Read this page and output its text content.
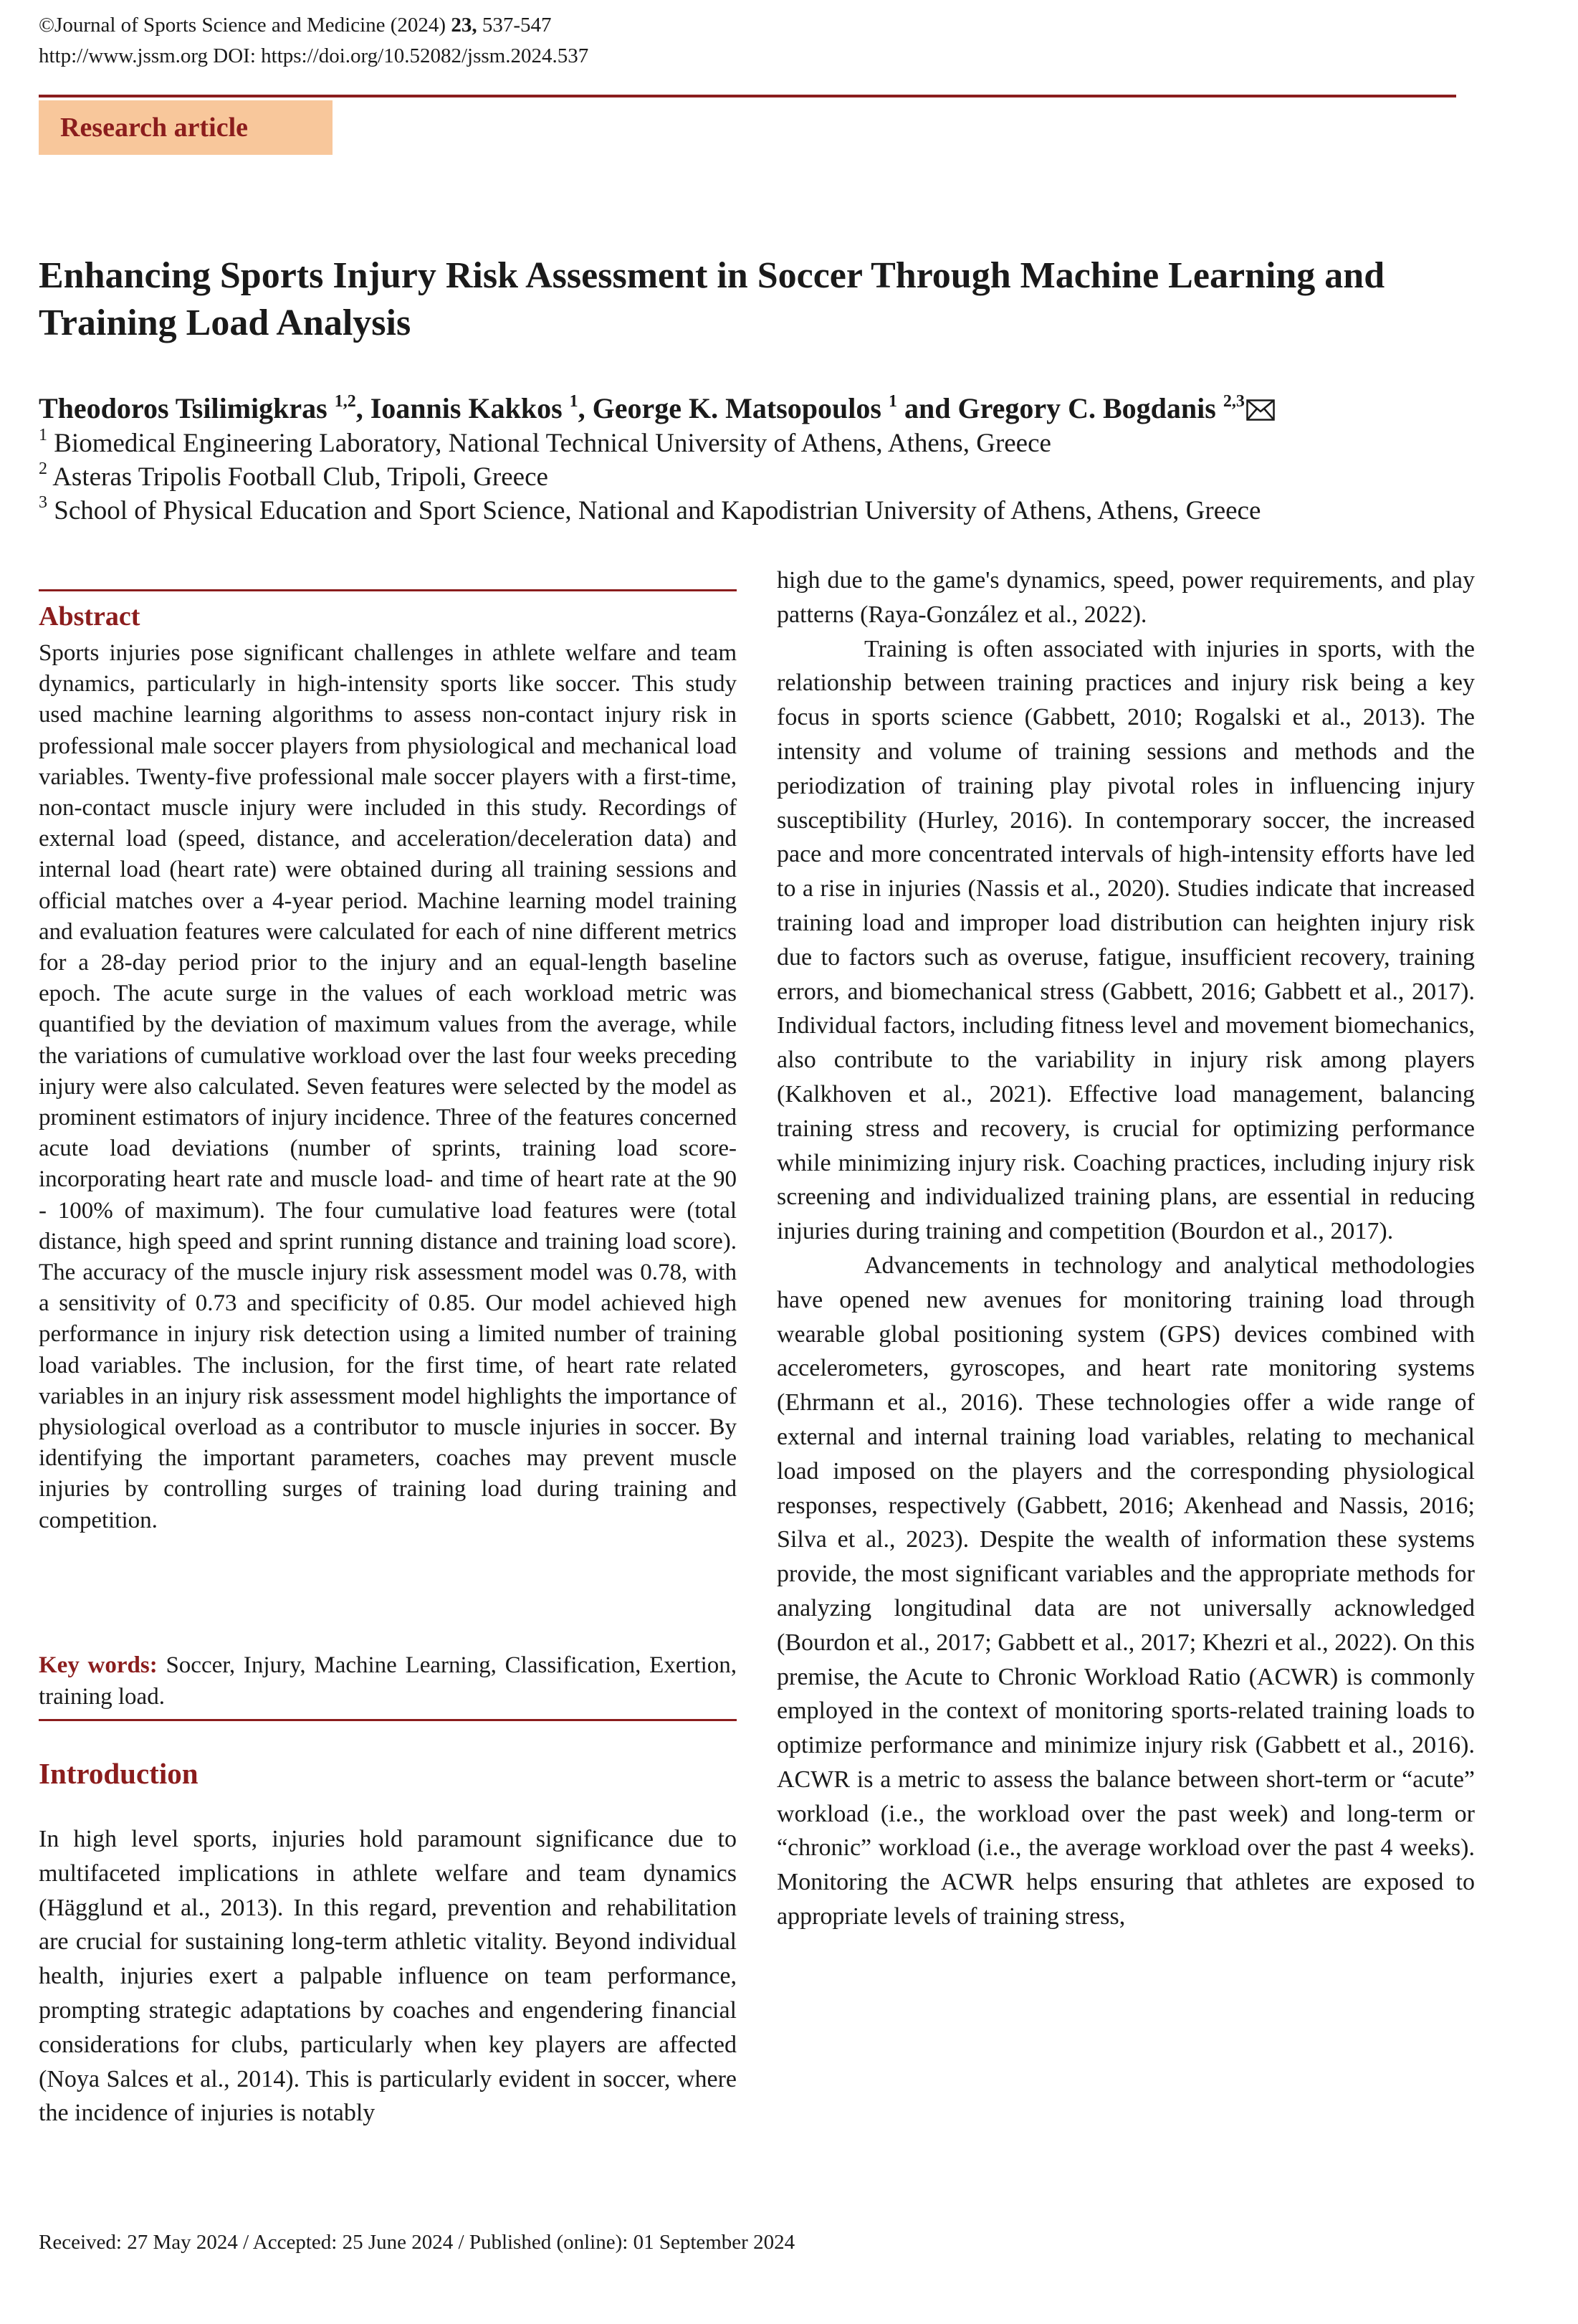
©Journal of Sports Science and Medicine (2024) 23, 537-547
http://www.jssm.org DOI: https://doi.org/10.52082/jssm.2024.537
Research article
Enhancing Sports Injury Risk Assessment in Soccer Through Machine Learning and Training Load Analysis
Theodoros Tsilimigkras $^{1,2}$, Ioannis Kakkos $^1$, George K. Matsopoulos $^1$ and Gregory C. Bogdanis $^{2,3}$
$^1$ Biomedical Engineering Laboratory, National Technical University of Athens, Athens, Greece
$^2$ Asteras Tripolis Football Club, Tripoli, Greece
$^3$ School of Physical Education and Sport Science, National and Kapodistrian University of Athens, Athens, Greece
Abstract
Sports injuries pose significant challenges in athlete welfare and team dynamics, particularly in high-intensity sports like soccer. This study used machine learning algorithms to assess non-contact injury risk in professional male soccer players from physiological and mechanical load variables. Twenty-five professional male soccer players with a first-time, non-contact muscle injury were included in this study. Recordings of external load (speed, distance, and acceleration/deceleration data) and internal load (heart rate) were obtained during all training sessions and official matches over a 4-year period. Machine learning model training and evaluation features were calculated for each of nine different metrics for a 28-day period prior to the injury and an equal-length baseline epoch. The acute surge in the values of each workload metric was quantified by the deviation of maximum values from the average, while the variations of cumulative workload over the last four weeks preceding injury were also calculated. Seven features were selected by the model as prominent estimators of injury incidence. Three of the features concerned acute load deviations (number of sprints, training load score-incorporating heart rate and muscle load- and time of heart rate at the 90 - 100% of maximum). The four cumulative load features were (total distance, high speed and sprint running distance and training load score). The accuracy of the muscle injury risk assessment model was 0.78, with a sensitivity of 0.73 and specificity of 0.85. Our model achieved high performance in injury risk detection using a limited number of training load variables. The inclusion, for the first time, of heart rate related variables in an injury risk assessment model highlights the importance of physiological overload as a contributor to muscle injuries in soccer. By identifying the important parameters, coaches may prevent muscle injuries by controlling surges of training load during training and competition.
Key words: Soccer, Injury, Machine Learning, Classification, Exertion, training load.
Introduction

In high level sports, injuries hold paramount significance due to multifaceted implications in athlete welfare and team dynamics (Hägglund et al., 2013). In this regard, prevention and rehabilitation are crucial for sustaining long-term athletic vitality. Beyond individual health, injuries exert a palpable influence on team performance, prompting strategic adaptations by coaches and engendering financial considerations for clubs, particularly when key players are affected (Noya Salces et al., 2014). This is particularly evident in soccer, where the incidence of injuries is notably

high due to the game's dynamics, speed, power requirements, and play patterns (Raya-González et al., 2022).

Training is often associated with injuries in sports, with the relationship between training practices and injury risk being a key focus in sports science (Gabbett, 2010; Rogalski et al., 2013). The intensity and volume of training sessions and methods and the periodization of training play pivotal roles in influencing injury susceptibility (Hurley, 2016). In contemporary soccer, the increased pace and more concentrated intervals of high-intensity efforts have led to a rise in injuries (Nassis et al., 2020). Studies indicate that increased training load and improper load distribution can heighten injury risk due to factors such as overuse, fatigue, insufficient recovery, training errors, and biomechanical stress (Gabbett, 2016; Gabbett et al., 2017). Individual factors, including fitness level and movement biomechanics, also contribute to the variability in injury risk among players (Kalkhoven et al., 2021). Effective load management, balancing training stress and recovery, is crucial for optimizing performance while minimizing injury risk. Coaching practices, including injury risk screening and individualized training plans, are essential in reducing injuries during training and competition (Bourdon et al., 2017).

Advancements in technology and analytical methodologies have opened new avenues for monitoring training load through wearable global positioning system (GPS) devices combined with accelerometers, gyroscopes, and heart rate monitoring systems (Ehrmann et al., 2016). These technologies offer a wide range of external and internal training load variables, relating to mechanical load imposed on the players and the corresponding physiological responses, respectively (Gabbett, 2016; Akenhead and Nassis, 2016; Silva et al., 2023). Despite the wealth of information these systems provide, the most significant variables and the appropriate methods for analyzing longitudinal data are not universally acknowledged (Bourdon et al., 2017; Gabbett et al., 2017; Khezri et al., 2022). On this premise, the Acute to Chronic Workload Ratio (ACWR) is commonly employed in the context of monitoring sports-related training loads to optimize performance and minimize injury risk (Gabbett et al., 2016). ACWR is a metric to assess the balance between short-term or “acute” workload (i.e., the workload over the past week) and long-term or “chronic” workload (i.e., the average workload over the past 4 weeks). Monitoring the ACWR helps ensuring that athletes are exposed to appropriate levels of training stress,

Received: 27 May 2024 / Accepted: 25 June 2024 / Published (online): 01 September 2024
